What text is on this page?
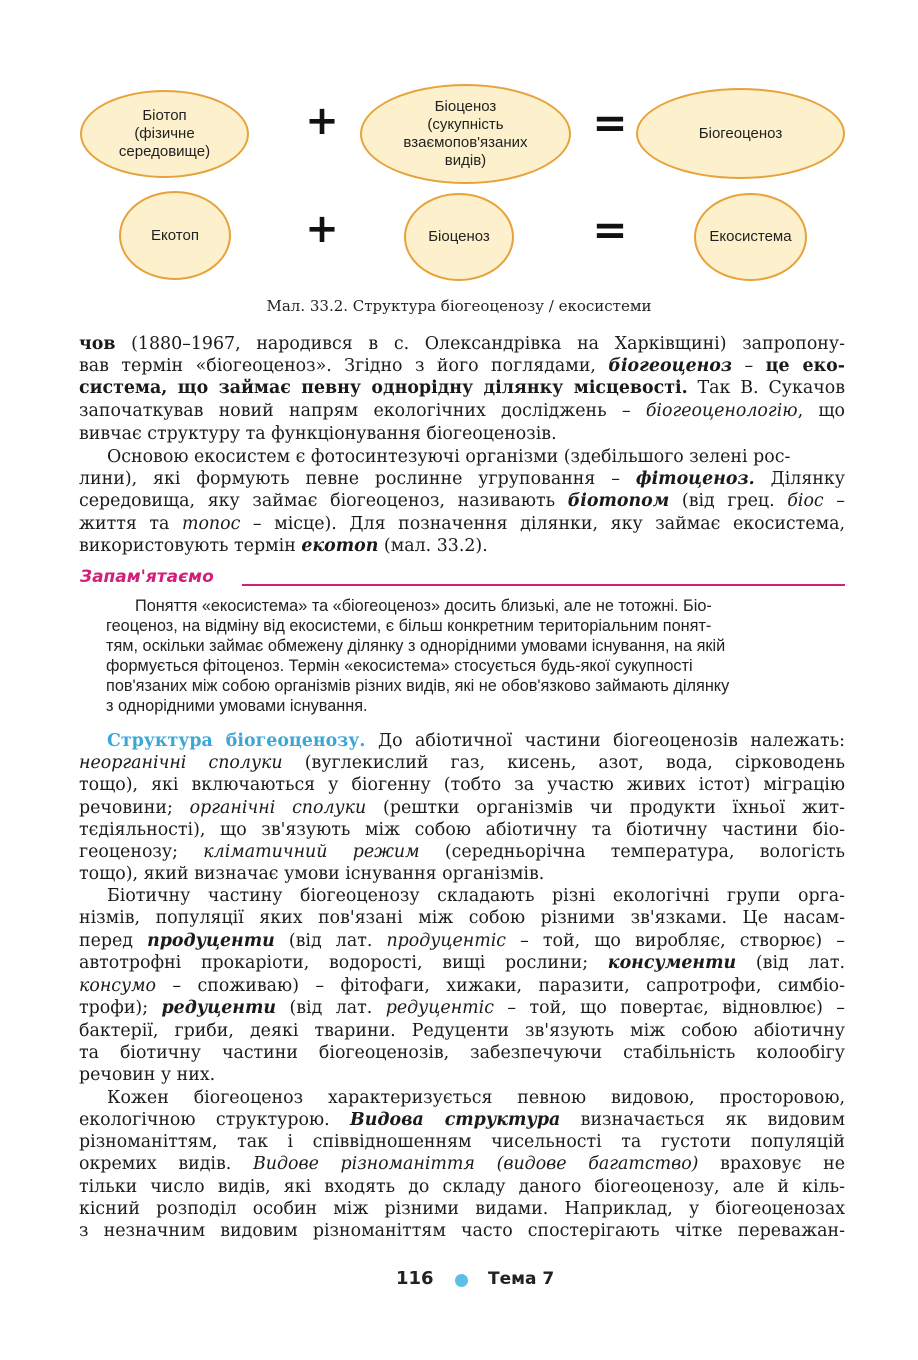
Біотоп
(фізичне
середовище)
+	Біоценоз
(сукупність
взаємопов'язаних
видів)
=	Біогеоценоз
Екотоп	+	Біоценоз =	Екосистема
Мал. 33.2. Структура біогеоценозу / екосистеми
чов (1880–1967, народився в с. Олександрівка на Харківщині) запропону-
вав термін «біогеоценоз». Згідно з його поглядами, біогеоценоз – це еко-
система, що займає певну однорідну ділянку місцевості. Так В. Сукачов
започаткував новий напрям екологічних досліджень – біогеоценологію, що
вивчає структуру та функціонування біогеоценозів.
Основою екосистем є фотосинтезуючі організми (здебільшого зелені рос-
лини), які формують певне рослинне угруповання – фітоценоз. Ділянку
середовища, яку займає біогеоценоз, називають біотопом (від грец. біос –
життя та топос – місце). Для позначення ділянки, яку займає екосистема,
використовують термін екотоп (мал. 33.2).
Запам'ятаємо
Поняття «екосистема» та «біогеоценоз» досить близькі, але не тотожні. Біо-
геоценоз, на відміну від екосистеми, є більш конкретним територіальним понят-
тям, оскільки займає обмежену ділянку з однорідними умовами існування, на якій
формується фітоценоз. Термін «екосистема» стосується будь-якої сукупності
пов'язаних між собою організмів різних видів, які не обов'язково займають ділянку
з однорідними умовами існування.
Структура біогеоценозу. До абіотичної частини біогеоценозів належать:
неорганічні сполуки (вуглекислий газ, кисень, азот, вода, сірководень
тощо), які включаються у біогенну (тобто за участю живих істот) міграцію
речовини; органічні сполуки (рештки організмів чи продукти їхньої жит-
тєдіяльності), що зв'язують між собою абіотичну та біотичну частини біо-
геоценозу; кліматичний режим (середньорічна температура, вологість
тощо), який визначає умови існування організмів.
Біотичну частину біогеоценозу складають різні екологічні групи орга-
нізмів, популяції яких пов'язані між собою різними зв'язками. Це насам-
перед продуценти (від лат. продуцентіс – той, що виробляє, створює) –
автотрофні прокаріоти, водорості, вищі рослини; консументи (від лат.
консумо – споживаю) – фітофаги, хижаки, паразити, сапротрофи, симбіо-
трофи); редуценти (від лат. редуцентіс – той, що повертає, відновлює) –
бактерії, гриби, деякі тварини. Редуценти зв'язують між собою абіотичну
та біотичну частини біогеоценозів, забезпечуючи стабільність колообігу
речовин у них.
Кожен біогеоценоз характеризується певною видовою, просторовою,
екологічною структурою. Видова структура визначається як видовим
різноманіттям, так і співвідношенням чисельності та густоти популяцій
окремих видів. Видове різноманіття (видове багатство) враховує не
тільки число видів, які входять до складу даного біогеоценозу, але й кіль-
кісний розподіл особин між різними видами. Наприклад, у біогеоценозах
з незначним видовим різноманіттям часто спостерігають чітке переважан-
116	Тема 7
